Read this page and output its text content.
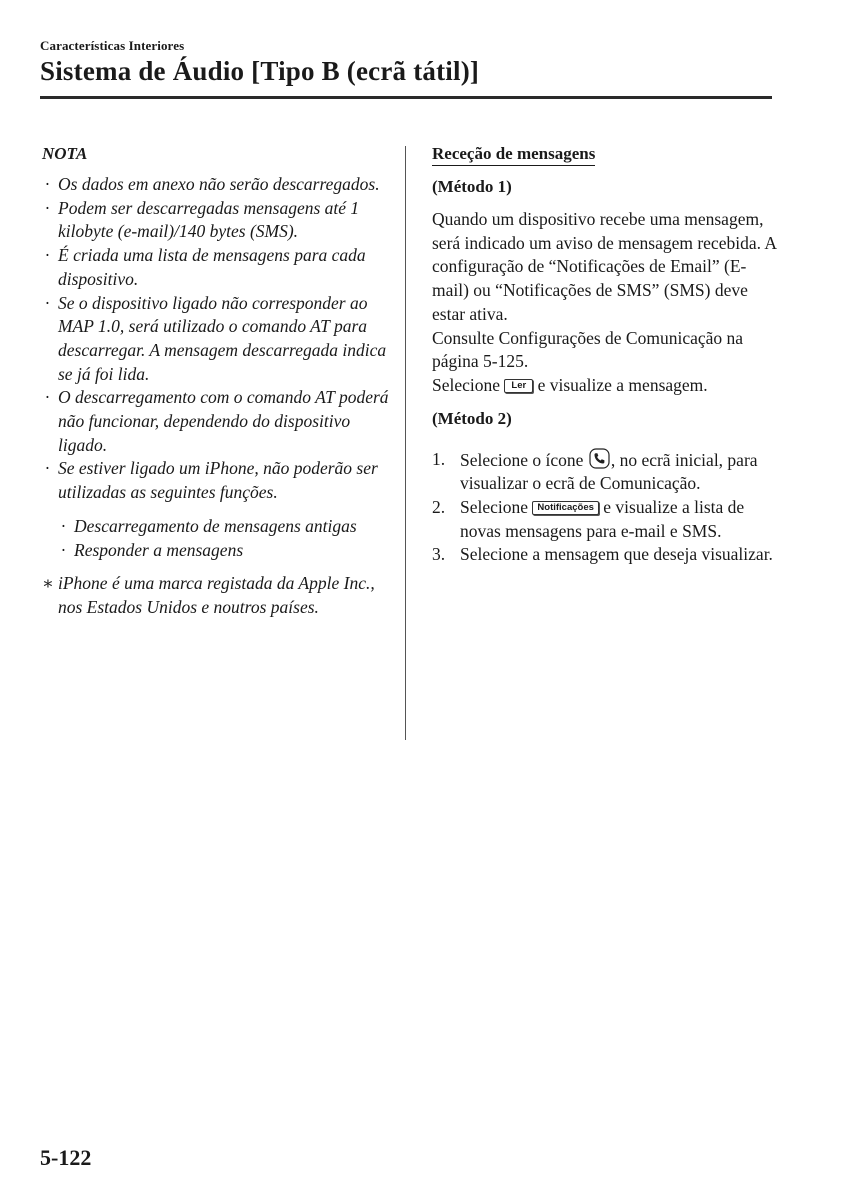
Características Interiores
Sistema de Áudio [Tipo B (ecrã tátil)]
NOTA
· Os dados em anexo não serão descarregados.
· Podem ser descarregadas mensagens até 1 kilobyte (e-mail)/140 bytes (SMS).
· É criada uma lista de mensagens para cada dispositivo.
· Se o dispositivo ligado não corresponder ao MAP 1.0, será utilizado o comando AT para descarregar. A mensagem descarregada indica se já foi lida.
· O descarregamento com o comando AT poderá não funcionar, dependendo do dispositivo ligado.
· Se estiver ligado um iPhone, não poderão ser utilizadas as seguintes funções.
· Descarregamento de mensagens antigas
· Responder a mensagens
∗ iPhone é uma marca registada da Apple Inc., nos Estados Unidos e noutros países.
Receção de mensagens
(Método 1)

Quando um dispositivo recebe uma mensagem, será indicado um aviso de mensagem recebida. A configuração de “Notificações de Email” (E-mail) ou “Notificações de SMS” (SMS) deve estar ativa.

Consulte Configurações de Comunicação na página 5-125.

Selecione Ler e visualize a mensagem.

(Método 2)
1. Selecione o ícone , no ecrã inicial, para visualizar o ecrã de Comunicação.
2. Selecione Notificações e visualize a lista de novas mensagens para e-mail e SMS.
3. Selecione a mensagem que deseja visualizar.
5-122
